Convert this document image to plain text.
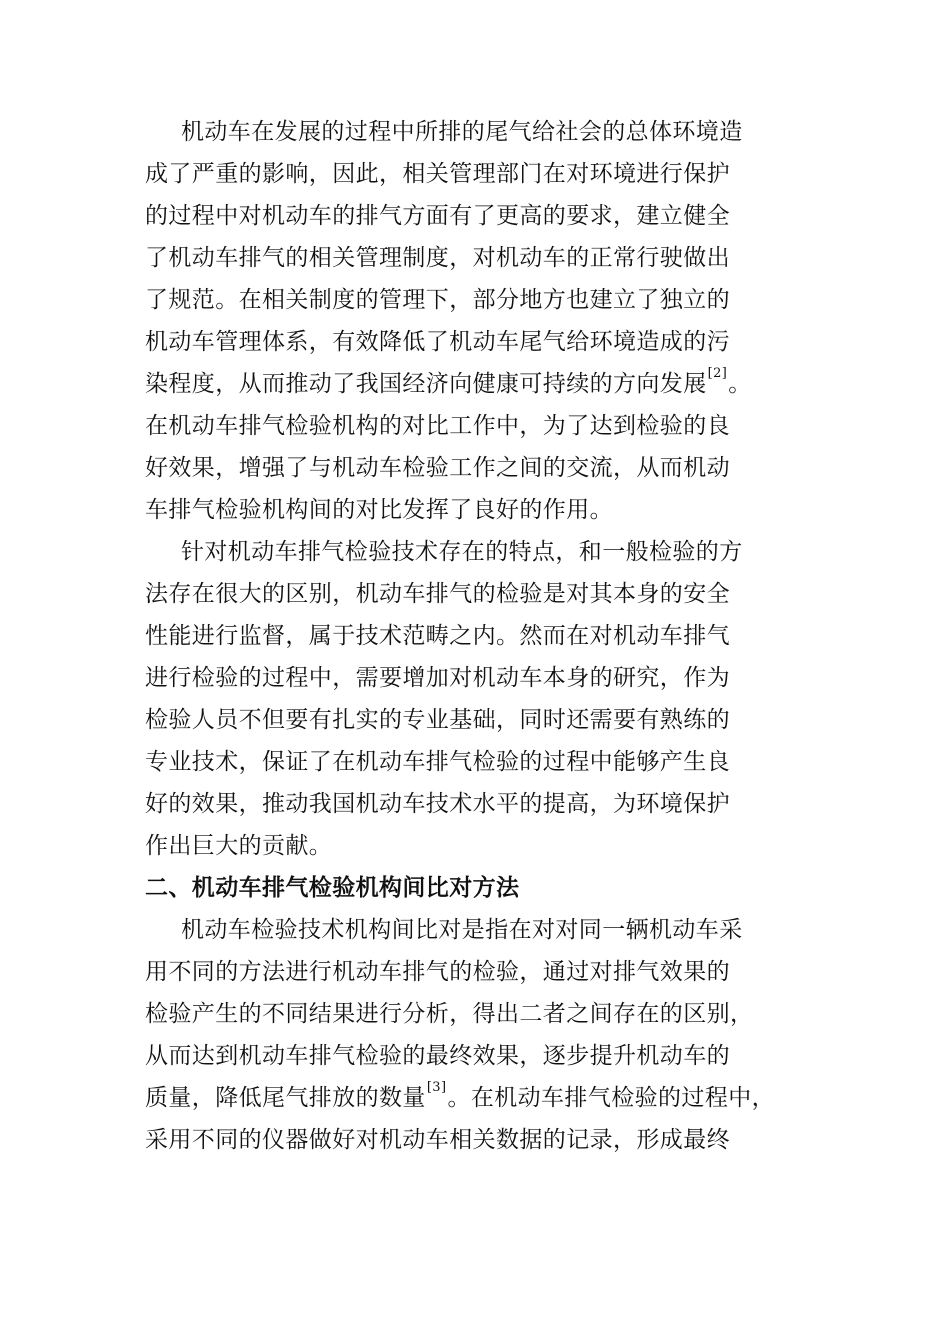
机动车在发展的过程中所排的尾气给社会的总体环境造
成了严重的影响，因此，相关管理部门在对环境进行保护
的过程中对机动车的排气方面有了更高的要求，建立健全
了机动车排气的相关管理制度，对机动车的正常行驶做出
了规范。在相关制度的管理下，部分地方也建立了独立的
机动车管理体系，有效降低了机动车尾气给环境造成的污
染程度，从而推动了我国经济向健康可持续的方向发展[2]。
在机动车排气检验机构的对比工作中，为了达到检验的良
好效果，增强了与机动车检验工作之间的交流，从而机动
车排气检验机构间的对比发挥了良好的作用。
针对机动车排气检验技术存在的特点，和一般检验的方
法存在很大的区别，机动车排气的检验是对其本身的安全
性能进行监督，属于技术范畴之内。然而在对机动车排气
进行检验的过程中，需要增加对机动车本身的研究，作为
检验人员不但要有扎实的专业基础，同时还需要有熟练的
专业技术，保证了在机动车排气检验的过程中能够产生良
好的效果，推动我国机动车技术水平的提高，为环境保护
作出巨大的贡献。
二、机动车排气检验机构间比对方法
机动车检验技术机构间比对是指在对对同一辆机动车采
用不同的方法进行机动车排气的检验，通过对排气效果的
检验产生的不同结果进行分析，得出二者之间存在的区别，
从而达到机动车排气检验的最终效果，逐步提升机动车的
质量，降低尾气排放的数量[3]。在机动车排气检验的过程中，
采用不同的仪器做好对机动车相关数据的记录，形成最终
